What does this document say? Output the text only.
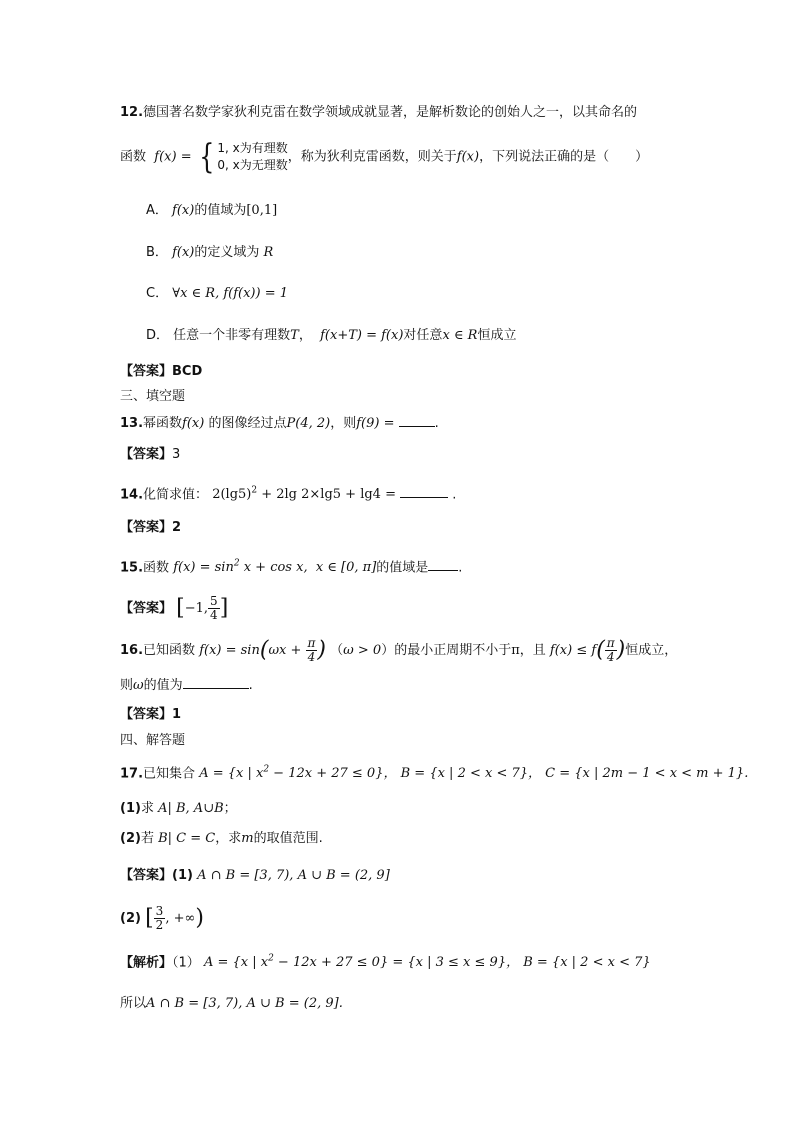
12.德国著名数学家狄利克雷在数学领域成就显著，是解析数论的创始人之一，以其命名的
函数  f(x) = { 1, x为有理数
0, x为无理数
，称为狄利克雷函数，则关于f(x)，下列说法正确的是（　　）
A． f(x)的值域为[0,1]
B． f(x)的定义域为 R
C． ∀x ∈ R, f(f(x)) = 1
D． 任意一个非零有理数T，  f(x+T) = f(x)对任意x ∈ R恒成立
【答案】BCD
三、填空题
13.幂函数f(x) 的图像经过点P(4, 2)，则f(9) =	.
【答案】3
14.化简求值： $2(\lg 5)^2 + 2\lg$ 2×lg5 + lg4 =	.
【答案】2
15.函数 $f(x) = \sin^2 x + \cos x$,  x ∈ [0, π]的值域是 .
【答案】 [−1, $\frac{5}{4}$ ]
16.已知函数 $f(x) = \sin(\omega x + \frac{\pi}{4}$ ) （ω > 0）的最小正周期不小于π，且 $f(x) \le f( \frac{\pi}{4}$ )恒成立，
则ω的值为	.
【答案】1
四、解答题
17.已知集合 A = {x | $x^2 - 12x + 27 \le 0$}， B = {x | 2 < x < 7}， C = {x | 2m − 1 < x < m + 1}.
(1)求 A| B, A∪B；
(2)若 B| C = C，求m的取值范围.
【答案】(1) A ∩ B = [3, 7), A ∪ B = (2, 9]
(2) [ $\frac{3}{2}$ , +∞)
【解析】（1） A = {x | $x^2 - 12x + 27 \le 0\} = \{x$ | 3 ≤ x ≤ 9}， B = {x | 2 < x < 7}
所以A ∩ B = [3, 7), A ∪ B = (2, 9].
